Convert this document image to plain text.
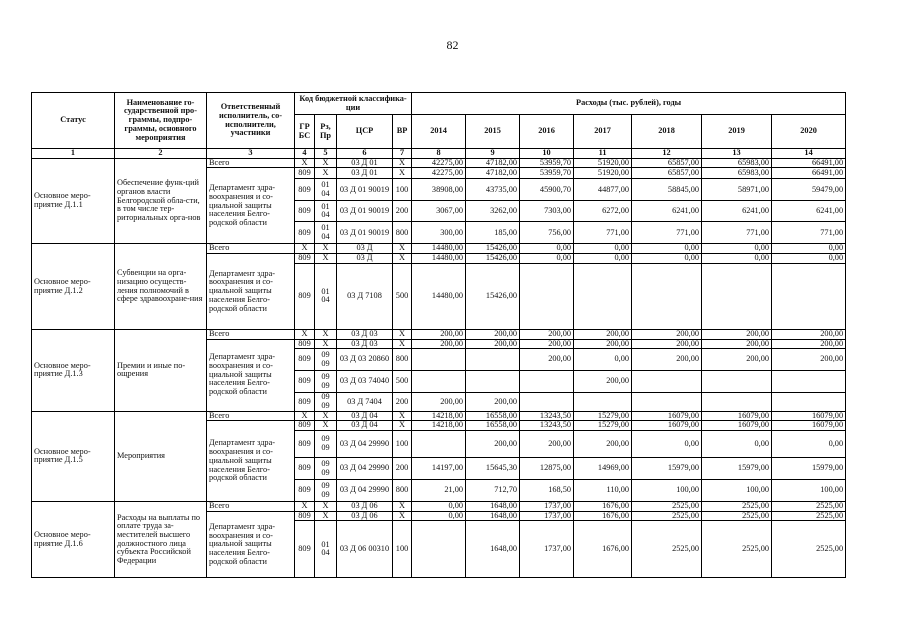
82
Статус	Наименование го-сударственной про-граммы, подпро-граммы, основного мероприятия	Ответственный исполнитель, со-исполнители, участники	Код бюджетной классифика-ции				Расходы (тыс. рублей), годы						
			ГР БС	Рз, Пр	ЦСР	ВР	2014	2015	2016	2017	2018	2019	2020
1	2	3	4	5	6	7	8	9	10	11	12	13	14
Основное меро-приятие Д.1.1	Обеспечение функ-ций органов власти Белгородской обла-сти, в том числе тер-риториальных орга-нов	Всего	X	X	03 Д 01	X	42275,00	47182,00	53959,70	51920,00	65857,00	65983,00	66491,00
		Департамент здра-воохранения и со-циальной защиты населения Белго-родской области	809	X	03 Д 01	X	42275,00	47182,00	53959,70	51920,00	65857,00	65983,00	66491,00
			809	01 04	03 Д 01 90019	100	38908,00	43735,00	45900,70	44877,00	58845,00	58971,00	59479,00
			809	01 04	03 Д 01 90019	200	3067,00	3262,00	7303,00	6272,00	6241,00	6241,00	6241,00
			809	01 04	03 Д 01 90019	800	300,00	185,00	756,00	771,00	771,00	771,00	771,00
Основное меро-приятие Д.1.2	Субвенции на орга-низацию осуществ-ления полномочий в сфере здравоохране-ния	Всего	X	X	03 Д	X	14480,00	15426,00	0,00	0,00	0,00	0,00	0,00
		Департамент здра-воохранения и со-циальной защиты населения Белго-родской области	809	X	03 Д	X	14480,00	15426,00	0,00	0,00	0,00	0,00	0,00
			809	01 04	03 Д 7108	500	14480,00	15426,00					
Основное меро-приятие Д.1.3	Премии и иные по-ощрения	Всего	X	X	03 Д 03	X	200,00	200,00	200,00	200,00	200,00	200,00	200,00
		Департамент здра-воохранения и со-циальной защиты населения Белго-родской области	809	X	03 Д 03	X	200,00	200,00	200,00	200,00	200,00	200,00	200,00
			809	09 09	03 Д 03 20860	800			200,00	0,00	200,00	200,00	200,00
			809	09 09	03 Д 03 74040	500				200,00			
			809	09 09	03 Д 7404	200	200,00	200,00					
Основное меро-приятие Д.1.5	Мероприятия	Всего	X	X	03 Д 04	X	14218,00	16558,00	13243,50	15279,00	16079,00	16079,00	16079,00
		Департамент здра-воохранения и со-циальной защиты населения Белго-родской области	809	X	03 Д 04	X	14218,00	16558,00	13243,50	15279,00	16079,00	16079,00	16079,00
			809	09 09	03 Д 04 29990	100		200,00	200,00	200,00	0,00	0,00	0,00
			809	09 09	03 Д 04 29990	200	14197,00	15645,30	12875,00	14969,00	15979,00	15979,00	15979,00
			809	09 09	03 Д 04 29990	800	21,00	712,70	168,50	110,00	100,00	100,00	100,00
Основное меро-приятие Д.1.6	Расходы на выплаты по оплате труда за-местителей высшего должностного лица субъекта Российской Федерации	Всего	X	X	03 Д 06	X	0,00	1648,00	1737,00	1676,00	2525,00	2525,00	2525,00
		Департамент здра-воохранения и со-циальной защиты населения Белго-родской области	809	X	03 Д 06	X	0,00	1648,00	1737,00	1676,00	2525,00	2525,00	2525,00
			809	01 04	03 Д 06 00310	100		1648,00	1737,00	1676,00	2525,00	2525,00	2525,00
